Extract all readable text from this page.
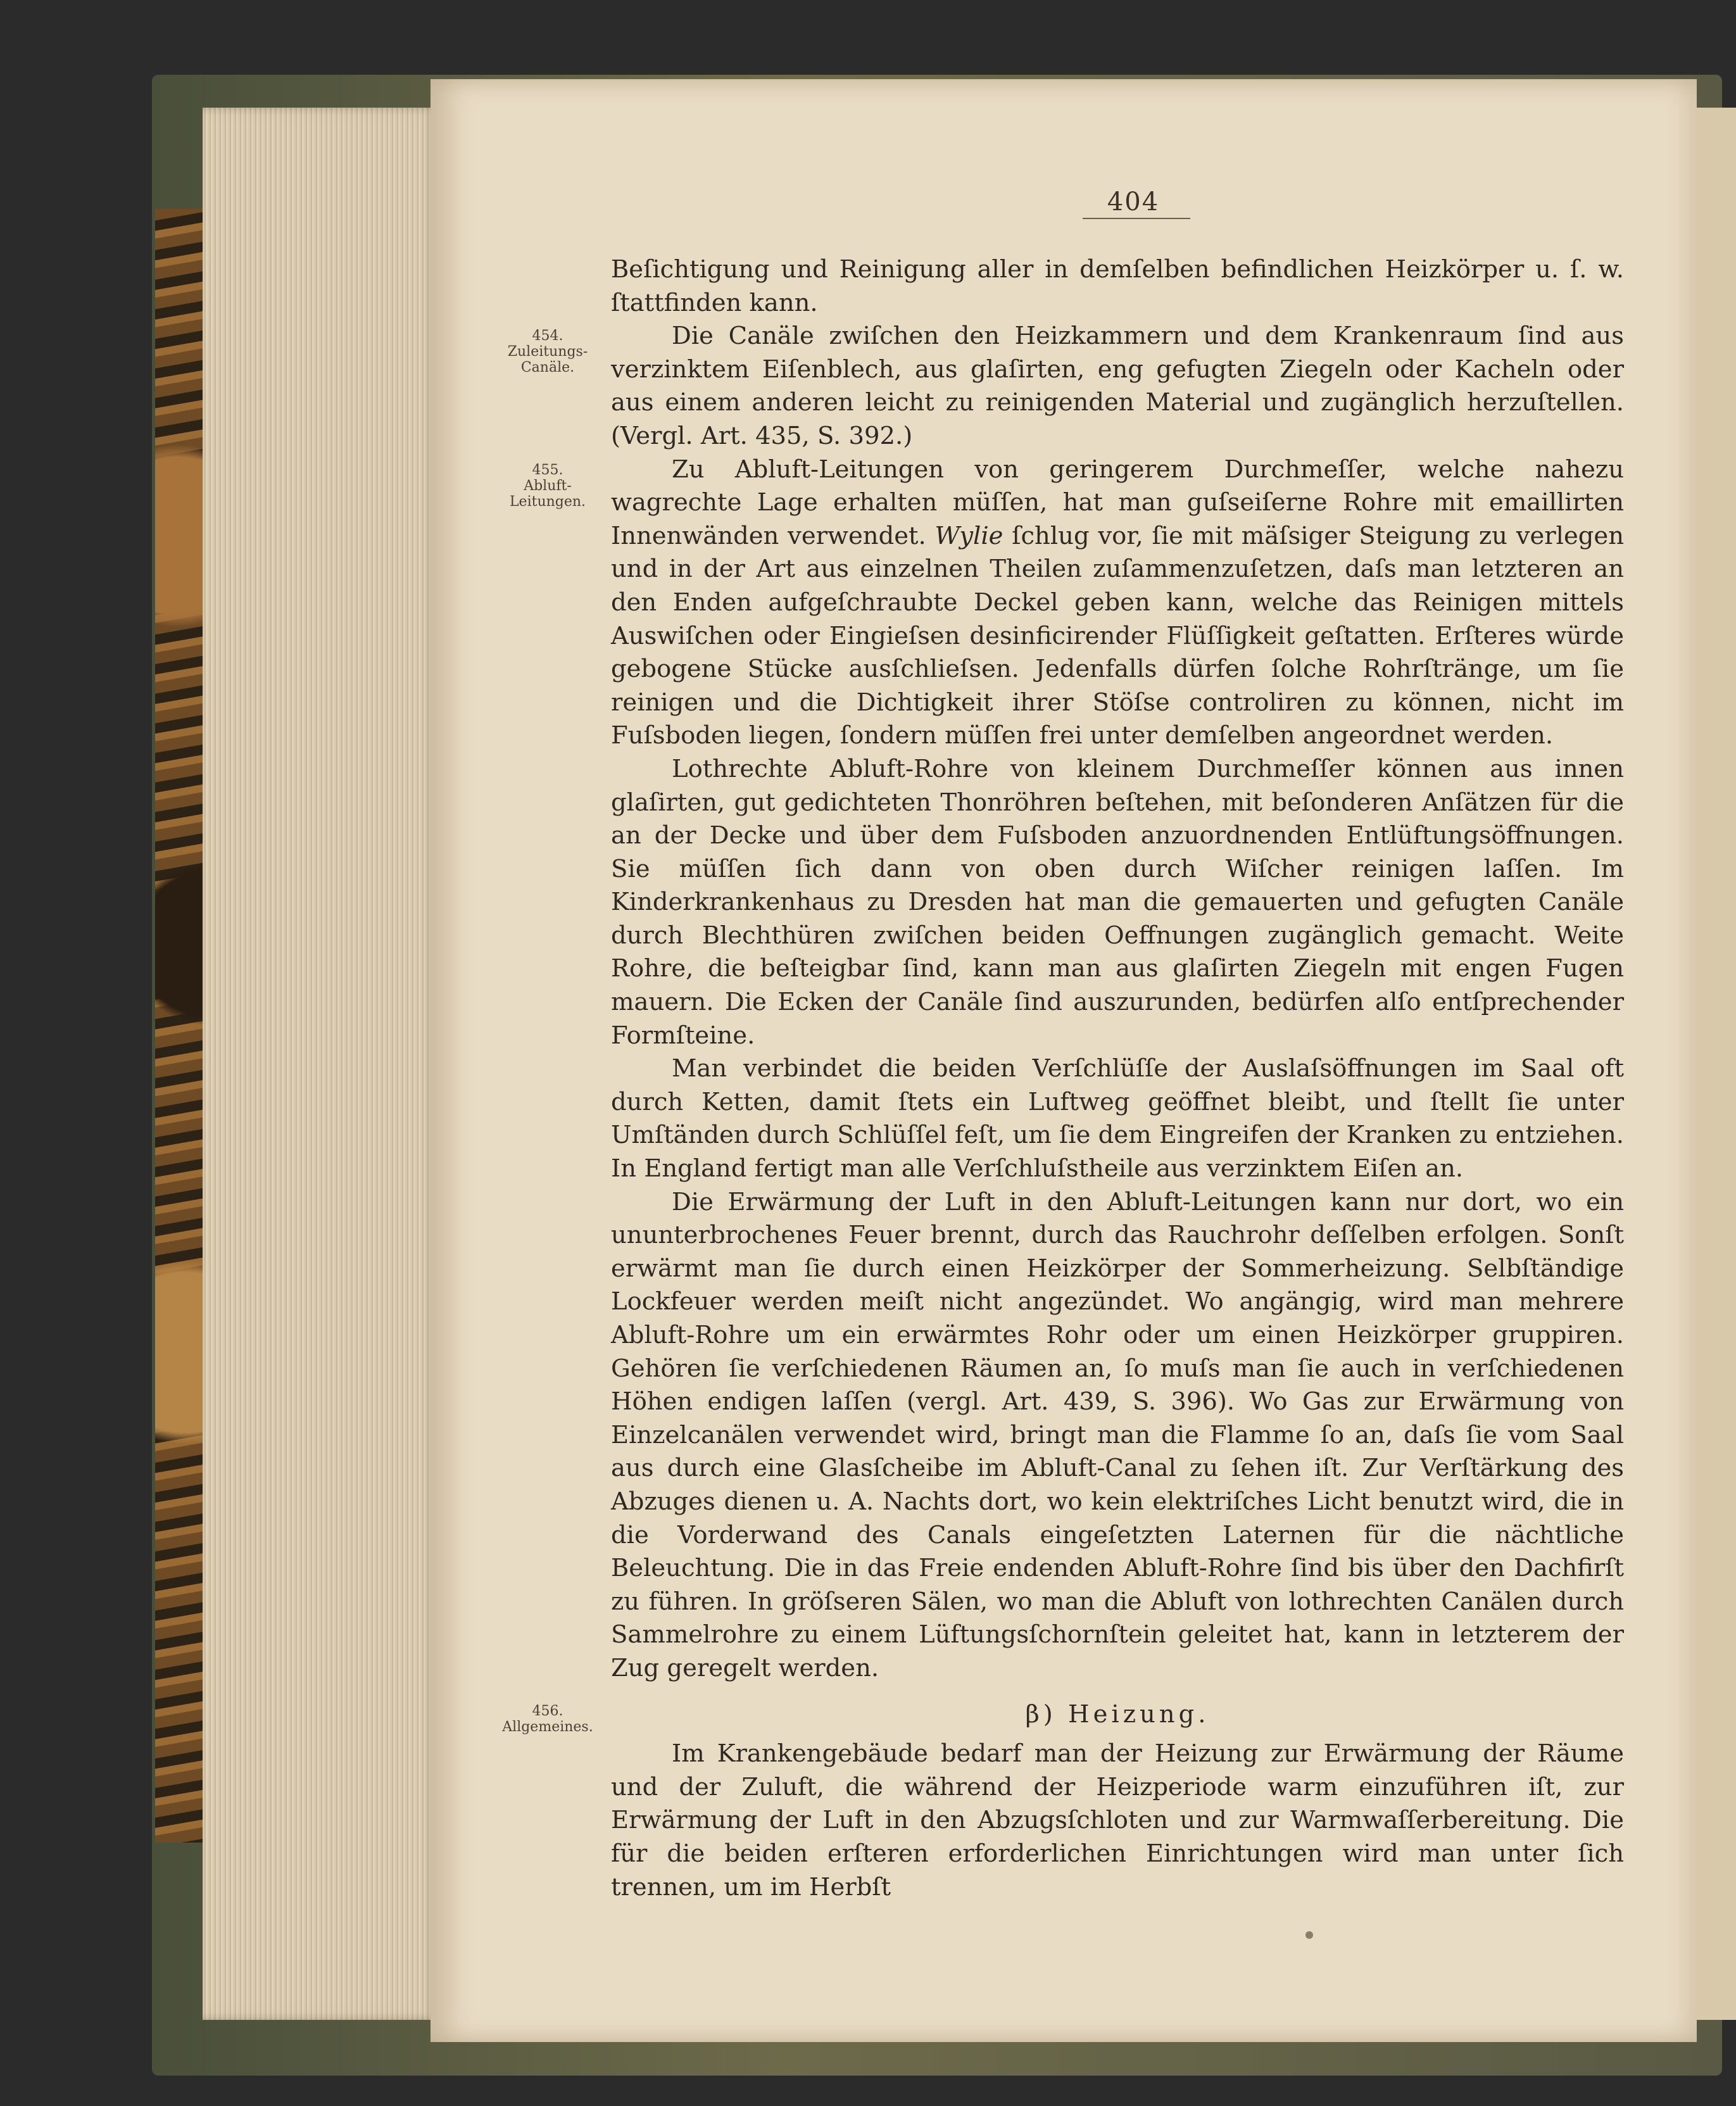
404
454.
Zuleitungs-
Canäle.
455.
Abluft-
Leitungen.
456.
Allgemeines.

Beſichtigung und Reinigung aller in demſelben befindlichen Heizkörper u. ſ. w. ſtattfinden kann.

Die Canäle zwiſchen den Heizkammern und dem Krankenraum ſind aus verzinktem Eiſenblech, aus glaſirten, eng gefugten Ziegeln oder Kacheln oder aus einem anderen leicht zu reinigenden Material und zugänglich herzuſtellen. (Vergl. Art. 435, S. 392.)

Zu Abluft-Leitungen von geringerem Durchmeſſer, welche nahezu wagrechte Lage erhalten müſſen, hat man guſseiſerne Rohre mit emaillirten Innenwänden verwendet. Wylie ſchlug vor, ſie mit mäſsiger Steigung zu verlegen und in der Art aus einzelnen Theilen zuſammenzuſetzen, daſs man letzteren an den Enden aufgeſchraubte Deckel geben kann, welche das Reinigen mittels Auswiſchen oder Eingieſsen desinficirender Flüſſigkeit geſtatten. Erſteres würde gebogene Stücke ausſchlieſsen. Jedenfalls dürfen ſolche Rohrſtränge, um ſie reinigen und die Dichtigkeit ihrer Stöſse controliren zu können, nicht im Fuſsboden liegen, ſondern müſſen frei unter demſelben angeordnet werden.

Lothrechte Abluft-Rohre von kleinem Durchmeſſer können aus innen glaſirten, gut gedichteten Thonröhren beſtehen, mit beſonderen Anſätzen für die an der Decke und über dem Fuſsboden anzuordnenden Entlüftungsöffnungen. Sie müſſen ſich dann von oben durch Wiſcher reinigen laſſen. Im Kinderkrankenhaus zu Dresden hat man die gemauerten und gefugten Canäle durch Blechthüren zwiſchen beiden Oeffnungen zugänglich gemacht. Weite Rohre, die beſteigbar ſind, kann man aus glaſirten Ziegeln mit engen Fugen mauern. Die Ecken der Canäle ſind auszurunden, bedürfen alſo entſprechender Formſteine.

Man verbindet die beiden Verſchlüſſe der Auslaſsöffnungen im Saal oft durch Ketten, damit ſtets ein Luftweg geöffnet bleibt, und ſtellt ſie unter Umſtänden durch Schlüſſel feſt, um ſie dem Eingreifen der Kranken zu entziehen. In England fertigt man alle Verſchluſstheile aus verzinktem Eiſen an.

Die Erwärmung der Luft in den Abluft-Leitungen kann nur dort, wo ein ununterbrochenes Feuer brennt, durch das Rauchrohr deſſelben erfolgen. Sonſt erwärmt man ſie durch einen Heizkörper der Sommerheizung. Selbſtändige Lockfeuer werden meiſt nicht angezündet. Wo angängig, wird man mehrere Abluft-Rohre um ein erwärmtes Rohr oder um einen Heizkörper gruppiren. Gehören ſie verſchiedenen Räumen an, ſo muſs man ſie auch in verſchiedenen Höhen endigen laſſen (vergl. Art. 439, S. 396). Wo Gas zur Erwärmung von Einzelcanälen verwendet wird, bringt man die Flamme ſo an, daſs ſie vom Saal aus durch eine Glasſcheibe im Abluft-Canal zu ſehen iſt. Zur Verſtärkung des Abzuges dienen u. A. Nachts dort, wo kein elektriſches Licht benutzt wird, die in die Vorderwand des Canals eingeſetzten Laternen für die nächtliche Beleuchtung. Die in das Freie endenden Abluft-Rohre ſind bis über den Dachfirſt zu führen. In gröſseren Sälen, wo man die Abluft von lothrechten Canälen durch Sammelrohre zu einem Lüftungsſchornſtein geleitet hat, kann in letzterem der Zug geregelt werden.

β) Heizung.

Im Krankengebäude bedarf man der Heizung zur Erwärmung der Räume und der Zuluft, die während der Heizperiode warm einzuführen iſt, zur Erwärmung der Luft in den Abzugsſchloten und zur Warmwaſſerbereitung. Die für die beiden erſteren erforderlichen Einrichtungen wird man unter ſich trennen, um im Herbſt
